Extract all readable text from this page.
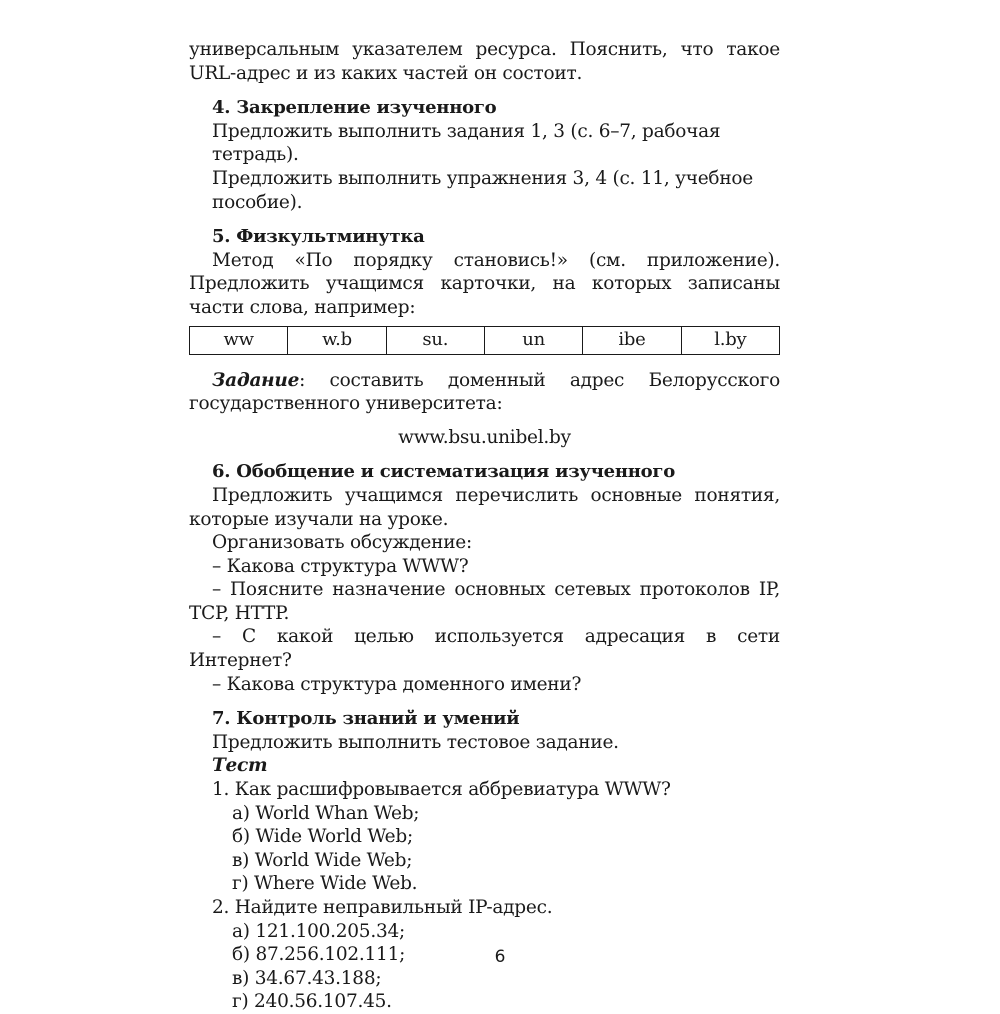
универсальным указателем ресурса. Пояснить, что такое URL-адрес и из каких частей он состоит.

4. Закрепление изученного

Предложить выполнить задания 1, 3 (с. 6–7, рабочая тетрадь).

Предложить выполнить упражнения 3, 4 (с. 11, учебное пособие).

5. Физкультминутка

Метод «По порядку становись!» (см. приложение). Предложить учащимся карточки, на которых записаны части слова, например:

ww	w.b	su.	un	ibe	l.by

Задание: составить доменный адрес Белорусского государственного университета:

www.bsu.unibel.by

6. Обобщение и систематизация изученного

Предложить учащимся перечислить основные понятия, которые изучали на уроке.

Организовать обсуждение:

– Какова структура WWW?

– Поясните назначение основных сетевых протоколов IP, TCP, HTTP.

– С какой целью используется адресация в сети Интернет?

– Какова структура доменного имени?

7. Контроль знаний и умений

Предложить выполнить тестовое задание.

Тест

1. Как расшифровывается аббревиатура WWW?

а) World Whan Web;

б) Wide World Web;

в) World Wide Web;

г) Where Wide Web.

2. Найдите неправильный IP-адрес.

а) 121.100.205.34;

б) 87.256.102.111;

в) 34.67.43.188;

г) 240.56.107.45.

6
